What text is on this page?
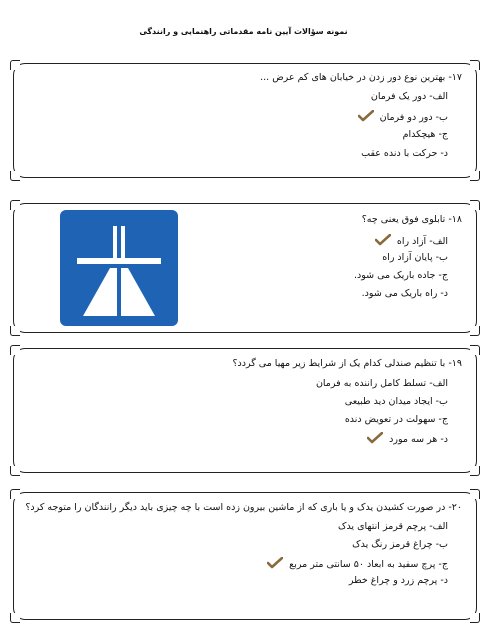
نمونه سؤالات آیین نامه مقدماتی راهنمایی و رانندگی
۱۷- بهترین نوع دور زدن در خیابان های کم عرض ...
الف- دور یک فرمان
ب- دور دو فرمان
ج- هیچکدام
د- حرکت با دنده عقب
۱۸- تابلوی فوق یعنی چه؟
الف- آزاد راه
ب- پایان آزاد راه
ج- جاده باریک می شود.
د- راه باریک می شود.
۱۹- با تنظیم صندلی کدام یک از شرایط زیر مهیا می گردد؟
الف- تسلط کامل راننده به فرمان
ب- ایجاد میدان دید طبیعی
ج- سهولت در تعویض دنده
د- هر سه مورد
۲۰- در صورت کشیدن یدک و یا باری که از ماشین بیرون زده است با چه چیزی باید دیگر رانندگان را متوجه کرد؟
الف- پرچم قرمز انتهای یدک
ب- چراغ قرمز رنگ یدک
ج- پرچ سفید به ابعاد ۵۰ سانتی متر مربع
د- پرچم زرد و چراغ خطر
